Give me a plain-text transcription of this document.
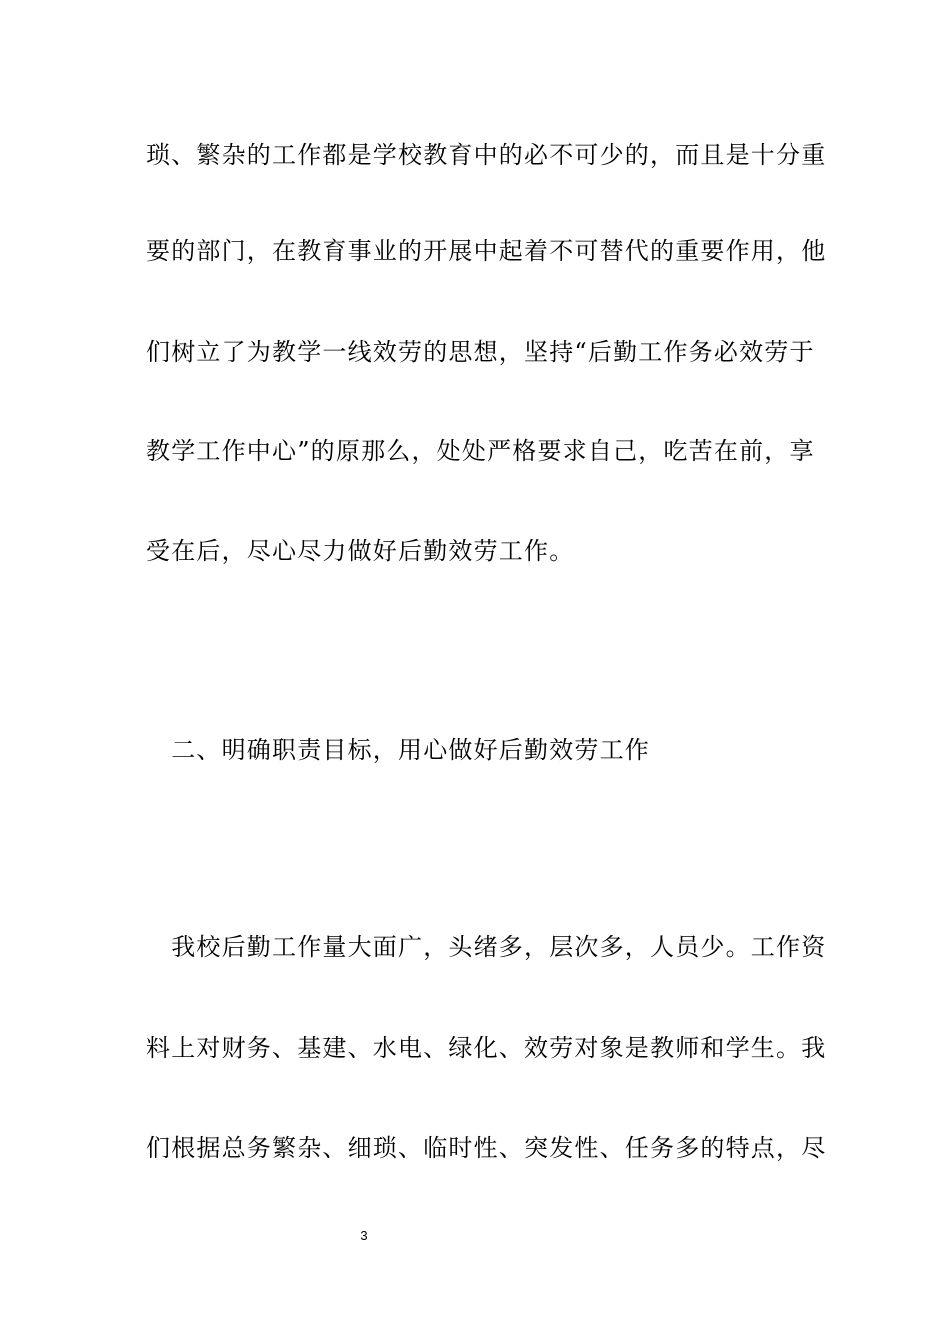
琐、繁杂的工作都是学校教育中的必不可少的，而且是十分重
要的部门，在教育事业的开展中起着不可替代的重要作用，他
们树立了为教学一线效劳的思想，坚持“后勤工作务必效劳于
教学工作中心”的原那么，处处严格要求自己，吃苦在前，享
受在后，尽心尽力做好后勤效劳工作。
　二、明确职责目标，用心做好后勤效劳工作
　我校后勤工作量大面广，头绪多，层次多，人员少。工作资
料上对财务、基建、水电、绿化、效劳对象是教师和学生。我
们根据总务繁杂、细琐、临时性、突发性、任务多的特点，尽
3
